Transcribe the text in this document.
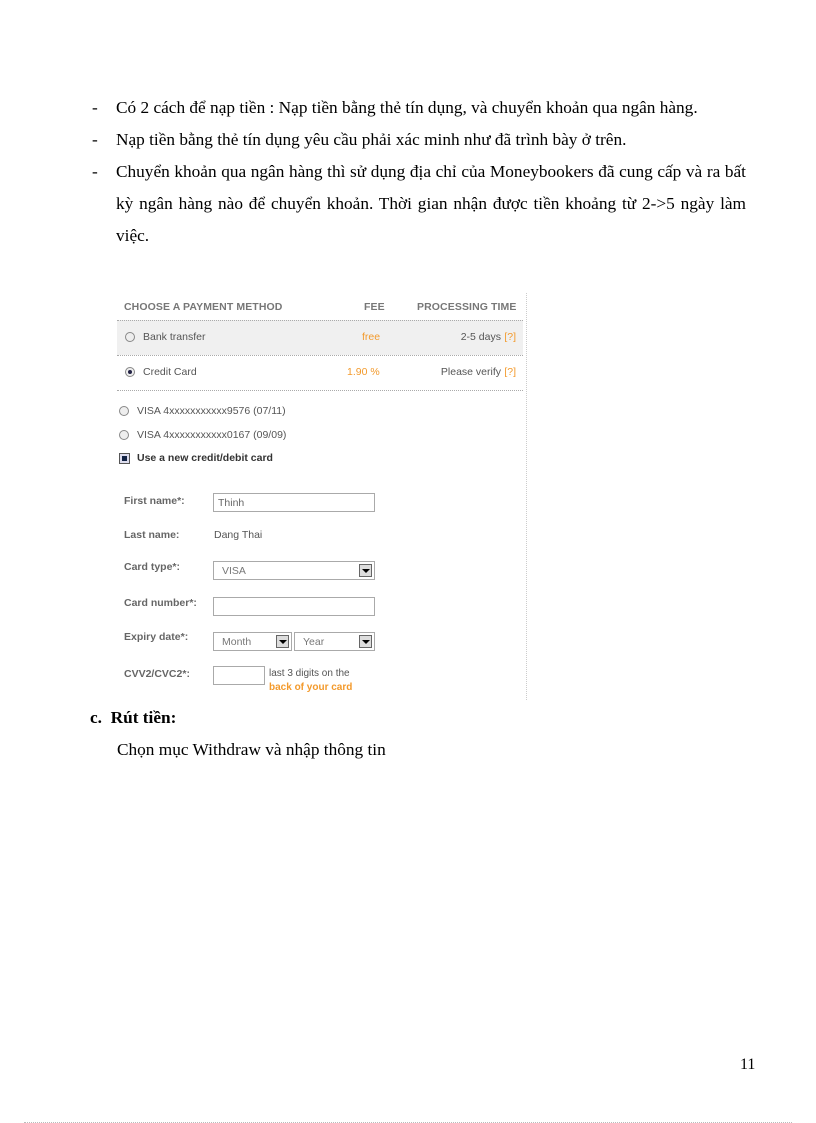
- Có 2 cách để nạp tiền : Nạp tiền bằng thẻ tín dụng, và chuyển khoản qua ngân hàng.
- Nạp tiền bằng thẻ tín dụng yêu cầu phải xác minh như đã trình bày ở trên.
- Chuyển khoản qua ngân hàng thì sử dụng địa chỉ của Moneybookers đã cung cấp và ra bất kỳ ngân hàng nào để chuyển khoản. Thời gian nhận được tiền khoảng từ 2->5 ngày làm việc.
CHOOSE A PAYMENT METHOD	FEE	PROCESSING TIME
Bank transfer	free	2-5 days [?]
Credit Card	1.90 %	Please verify [?]
VISA 4xxxxxxxxxxx9576 (07/11)
VISA 4xxxxxxxxxxx0167 (09/09)
Use a new credit/debit card
First name*:	Thinh
Last name:	Dang Thai
Card type*:	VISA
Card number*:
Expiry date*:	Month	Year
CVV2/CVC2*:	last 3 digits on the
back of your card
c. Rút tiền:
Chọn mục Withdraw và nhập thông tin
11
